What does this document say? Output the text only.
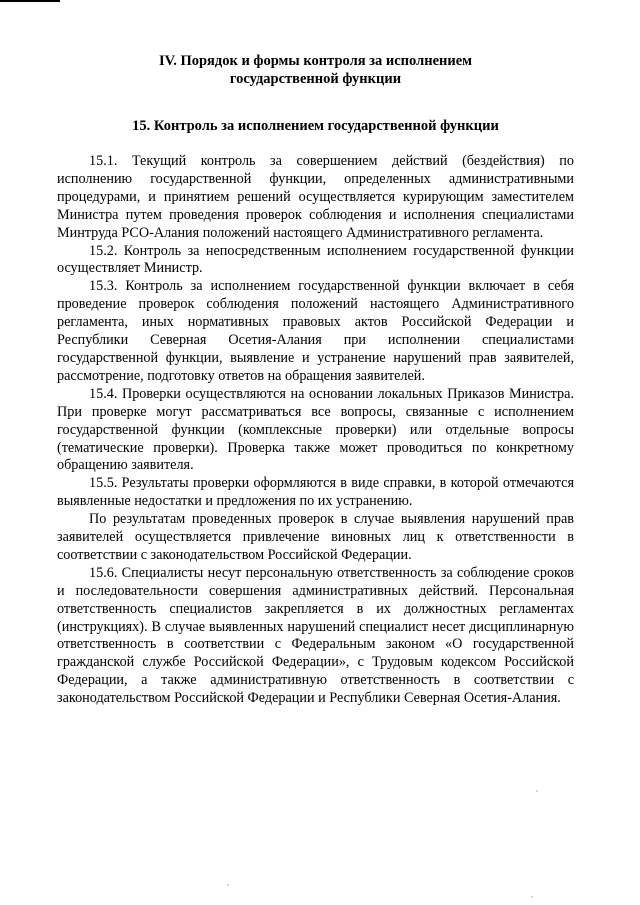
IV. Порядок и формы контроля за исполнением
государственной функции
15. Контроль за исполнением государственной функции

15.1. Текущий контроль за совершением действий (бездействия) по исполнению государственной функции, определенных административными процедурами, и принятием решений осуществляется курирующим заместителем Министра путем проведения проверок соблюдения и исполнения специалистами Минтруда РСО-Алания положений настоящего Административного регламента.

15.2. Контроль за непосредственным исполнением государственной функции осуществляет Министр.

15.3. Контроль за исполнением государственной функции включает в себя проведение проверок соблюдения положений настоящего Административного регламента, иных нормативных правовых актов Российской Федерации и Республики Северная Осетия-Алания при исполнении специалистами государственной функции, выявление и устранение нарушений прав заявителей, рассмотрение, подготовку ответов на обращения заявителей.

15.4. Проверки осуществляются на основании локальных Приказов Министра. При проверке могут рассматриваться все вопросы, связанные с исполнением государственной функции (комплексные проверки) или отдельные вопросы (тематические проверки). Проверка также может проводиться по конкретному обращению заявителя.

15.5. Результаты проверки оформляются в виде справки, в которой отмечаются выявленные недостатки и предложения по их устранению.

По результатам проведенных проверок в случае выявления нарушений прав заявителей осуществляется привлечение виновных лиц к ответственности в соответствии с законодательством Российской Федерации.

15.6. Специалисты несут персональную ответственность за соблюдение сроков и последовательности совершения административных действий. Персональная ответственность специалистов закрепляется в их должностных регламентах (инструкциях). В случае выявленных нарушений специалист несет дисциплинарную ответственность в соответствии с Федеральным законом «О государственной гражданской службе Российской Федерации», с Трудовым кодексом Российской Федерации, а также административную ответственность в соответствии с законодательством Российской Федерации и Республики Северная Осетия-Алания.
